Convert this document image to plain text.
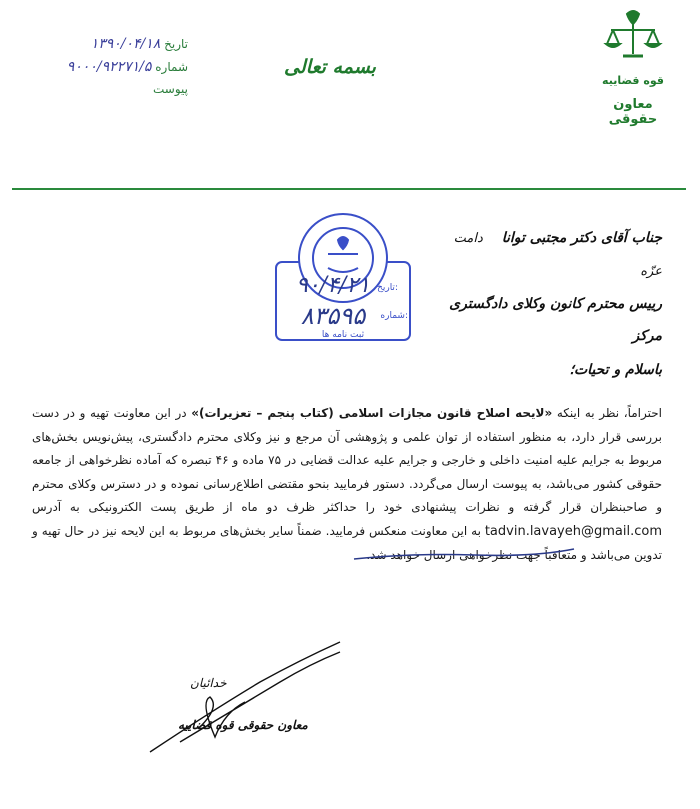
قوه قضاییه
معاون حقوقی
بسمه تعالی
تاریخ ۱۳۹۰/۰۴/۱۸
شماره ۹۰۰۰/۹۲۲۷۱/۵
پیوست
جناب آقای دکتر مجتبی توانا دامت عزّه
رییس محترم کانون وکلای دادگستری مرکز
تاریخ:
۹۰/۴/۲۱
شماره:
۸۳۵۹۵
ثبت نامه ها
باسلام و تحیات؛
احتراماً، نظر به اینکه «لایحه اصلاح قانون مجازات اسلامی (کتاب پنجم – تعزیرات)» در این معاونت تهیه و در دست بررسی قرار دارد، به منظور استفاده از توان علمی و پژوهشی آن مرجع و نیز وکلای محترم دادگستری، پیش‌نویس بخش‌های مربوط به جرایم علیه امنیت داخلی و خارجی و جرایم علیه عدالت قضایی در ۷۵ ماده و ۴۶ تبصره که آماده نظرخواهی از جامعه حقوقی کشور می‌باشد، به پیوست ارسال می‌گردد. دستور فرمایید بنحو مقتضی اطلاع‌رسانی نموده و در دسترس وکلای محترم و صاحبنظران قرار گرفته و نظرات پیشنهادی خود را حداکثر ظرف دو ماه از طریق پست الکترونیکی به آدرس tadvin.lavayeh@gmail.com به این معاونت منعکس فرمایید. ضمناً سایر بخش‌های مربوط به این لایحه نیز در حال تهیه و تدوین می‌باشد و متعاقباً جهت نظرخواهی ارسال خواهد شد.
خدائیان
معاون حقوقی قوه قضاییه
